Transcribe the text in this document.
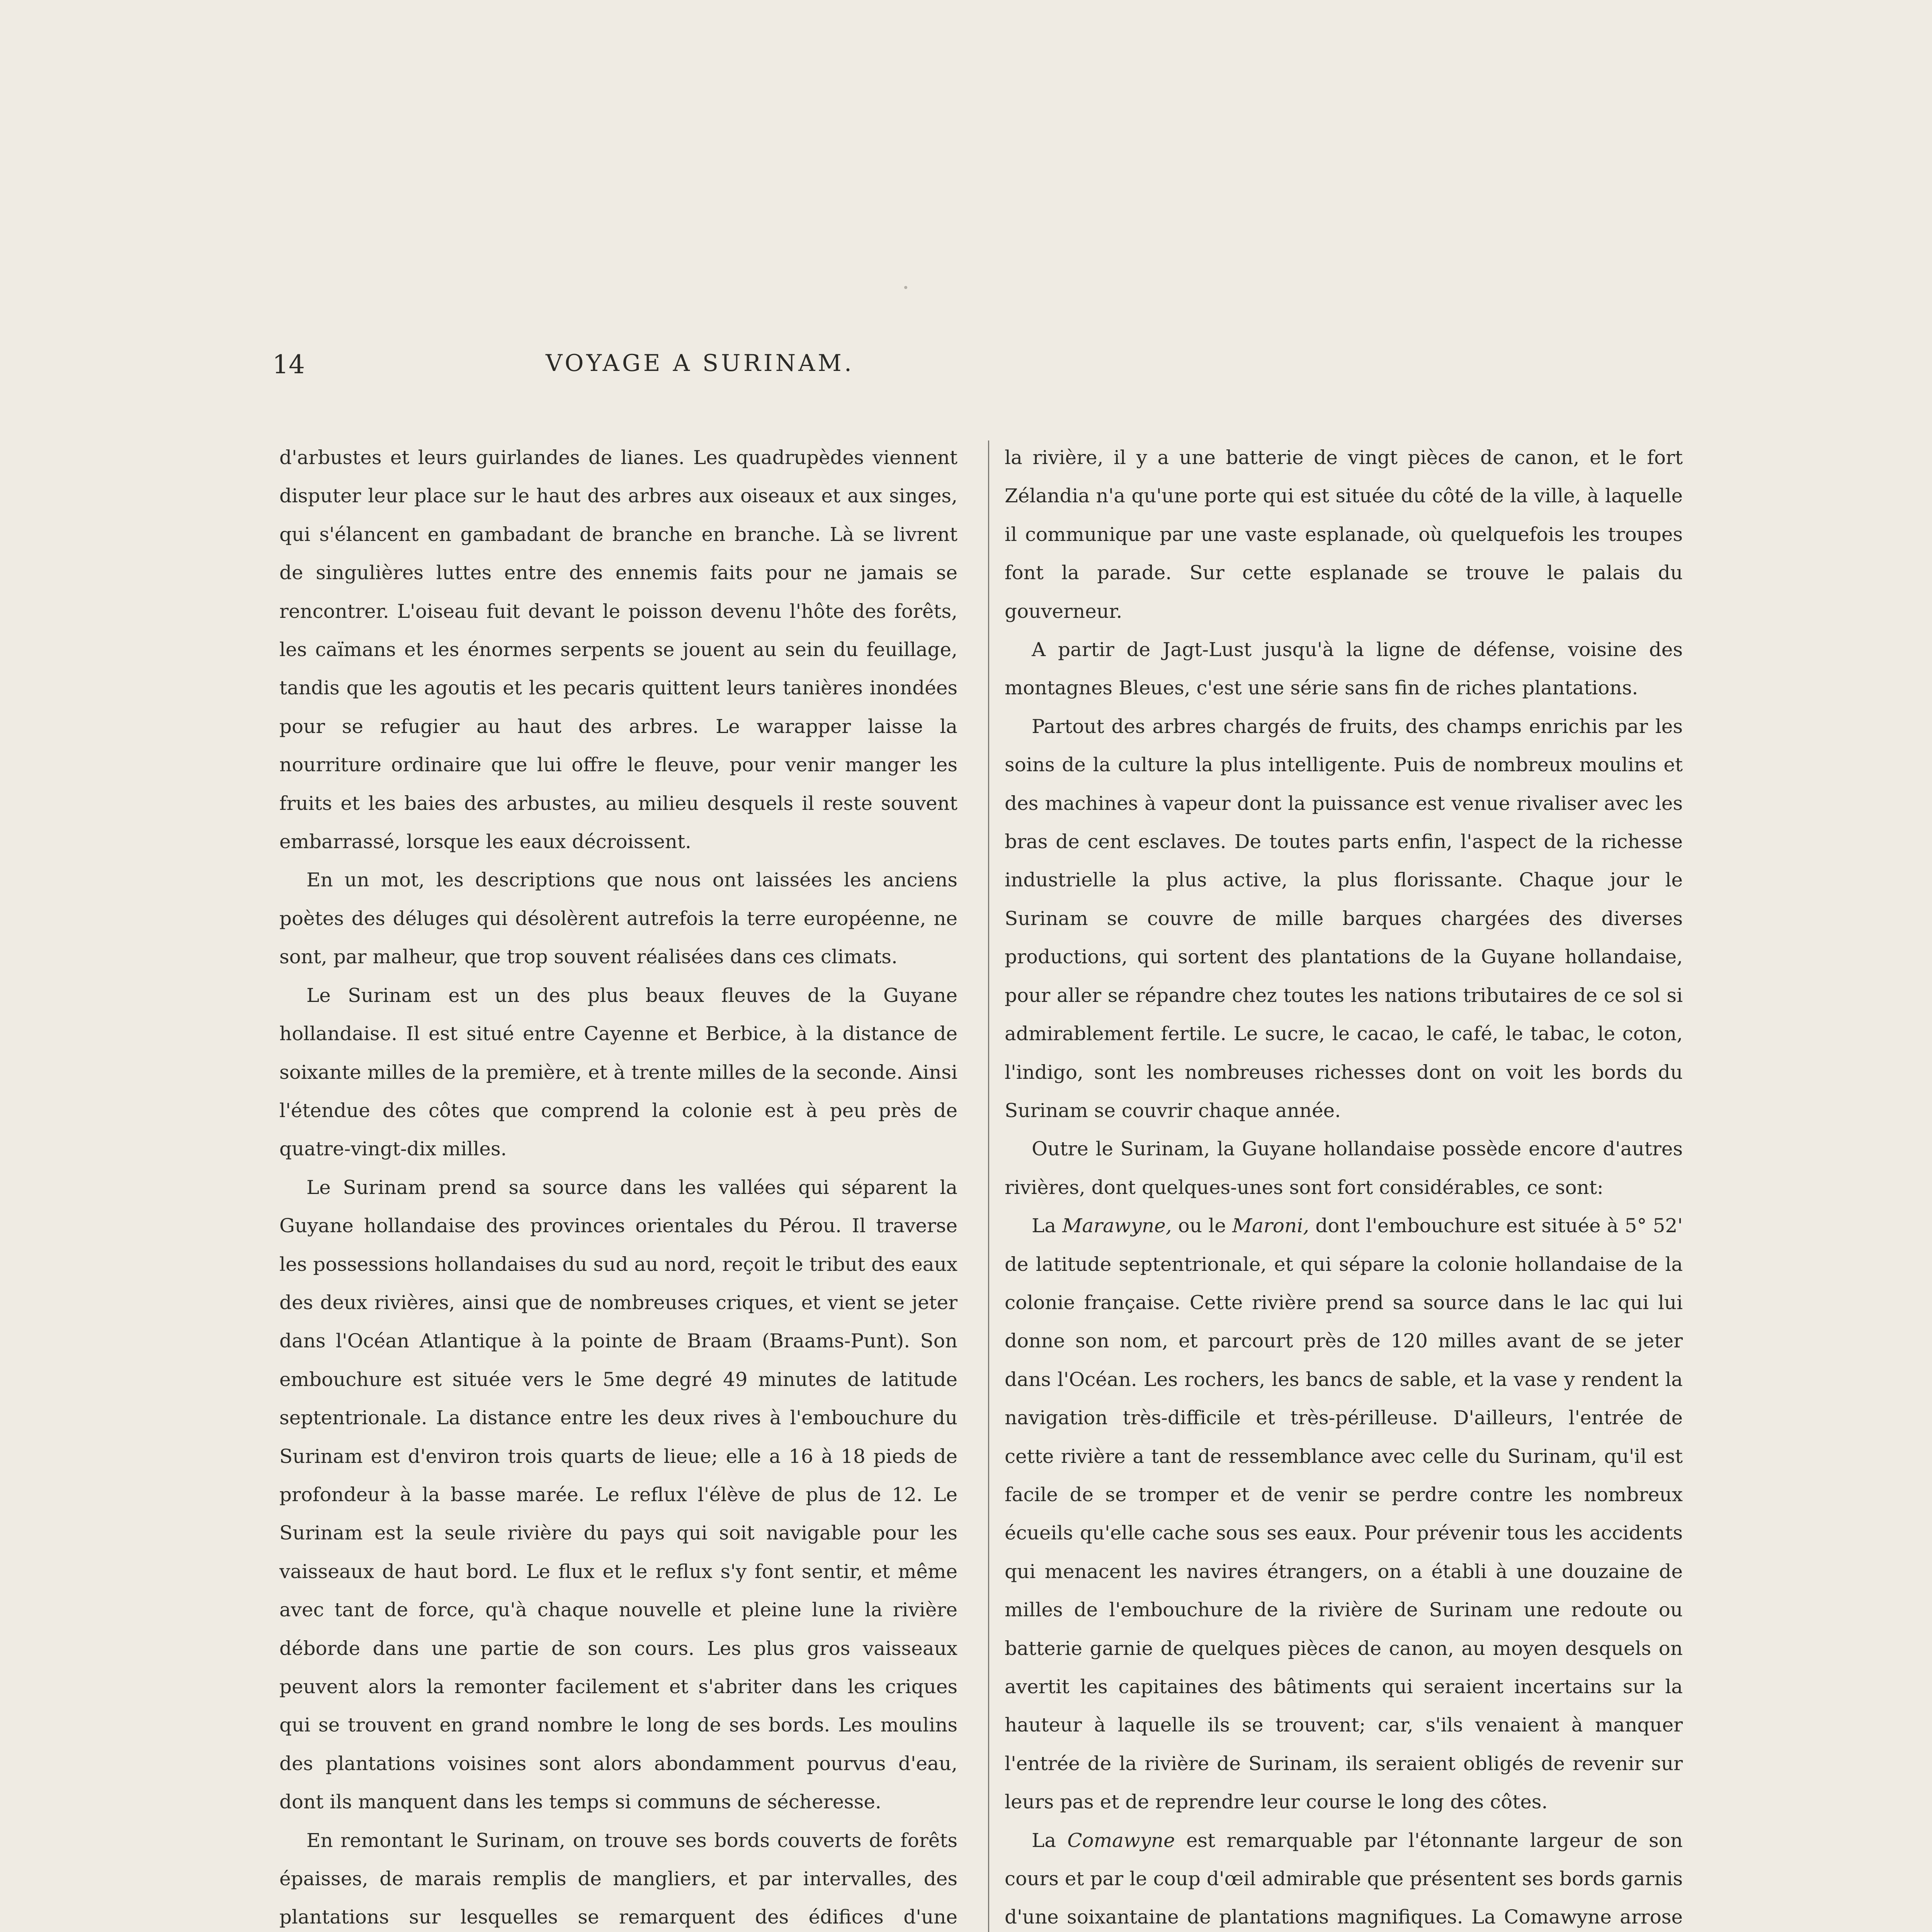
14	VOYAGE A SURINAM.

d'arbustes et leurs guirlandes de lianes. Les quadrupèdes viennent disputer leur place sur le haut des arbres aux oiseaux et aux singes, qui s'élancent en gambadant de branche en branche. Là se livrent de singulières luttes entre des ennemis faits pour ne jamais se rencontrer. L'oiseau fuit devant le poisson devenu l'hôte des forêts, les caïmans et les énormes serpents se jouent au sein du feuillage, tandis que les agoutis et les pecaris quittent leurs tanières inondées pour se refugier au haut des arbres. Le warapper laisse la nourriture ordinaire que lui offre le fleuve, pour venir manger les fruits et les baies des arbustes, au milieu desquels il reste souvent embarrassé, lorsque les eaux décroissent.

En un mot, les descriptions que nous ont laissées les anciens poètes des déluges qui désolèrent autrefois la terre européenne, ne sont, par malheur, que trop souvent réalisées dans ces climats.

Le Surinam est un des plus beaux fleuves de la Guyane hollandaise. Il est situé entre Cayenne et Berbice, à la distance de soixante milles de la première, et à trente milles de la seconde. Ainsi l'étendue des côtes que comprend la colonie est à peu près de quatre-vingt-dix milles.

Le Surinam prend sa source dans les vallées qui séparent la Guyane hollandaise des provinces orientales du Pérou. Il traverse les possessions hollandaises du sud au nord, reçoit le tribut des eaux des deux rivières, ainsi que de nombreuses criques, et vient se jeter dans l'Océan Atlantique à la pointe de Braam (Braams-Punt). Son embouchure est située vers le 5me degré 49 minutes de latitude septentrionale. La distance entre les deux rives à l'embouchure du Surinam est d'environ trois quarts de lieue; elle a 16 à 18 pieds de profondeur à la basse marée. Le reflux l'élève de plus de 12. Le Surinam est la seule rivière du pays qui soit navigable pour les vaisseaux de haut bord. Le flux et le reflux s'y font sentir, et même avec tant de force, qu'à chaque nouvelle et pleine lune la rivière déborde dans une partie de son cours. Les plus gros vaisseaux peuvent alors la remonter facilement et s'abriter dans les criques qui se trouvent en grand nombre le long de ses bords. Les moulins des plantations voisines sont alors abondamment pourvus d'eau, dont ils manquent dans les temps si communs de sécheresse.

En remontant le Surinam, on trouve ses bords couverts de forêts épaisses, de marais remplis de mangliers, et par intervalles, des plantations sur lesquelles se remarquent des édifices d'une

la rivière, il y a une batterie de vingt pièces de canon, et le fort Zélandia n'a qu'une porte qui est située du côté de la ville, à laquelle il communique par une vaste esplanade, où quelquefois les troupes font la parade. Sur cette esplanade se trouve le palais du gouverneur.

A partir de Jagt-Lust jusqu'à la ligne de défense, voisine des montagnes Bleues, c'est une série sans fin de riches plantations.

Partout des arbres chargés de fruits, des champs enrichis par les soins de la culture la plus intelligente. Puis de nombreux moulins et des machines à vapeur dont la puissance est venue rivaliser avec les bras de cent esclaves. De toutes parts enfin, l'aspect de la richesse industrielle la plus active, la plus florissante. Chaque jour le Surinam se couvre de mille barques chargées des diverses productions, qui sortent des plantations de la Guyane hollandaise, pour aller se répandre chez toutes les nations tributaires de ce sol si admirablement fertile. Le sucre, le cacao, le café, le tabac, le coton, l'indigo, sont les nombreuses richesses dont on voit les bords du Surinam se couvrir chaque année.

Outre le Surinam, la Guyane hollandaise possède encore d'autres rivières, dont quelques-unes sont fort considérables, ce sont:

La Marawyne, ou le Maroni, dont l'embouchure est située à 5° 52' de latitude septentrionale, et qui sépare la colonie hollandaise de la colonie française. Cette rivière prend sa source dans le lac qui lui donne son nom, et parcourt près de 120 milles avant de se jeter dans l'Océan. Les rochers, les bancs de sable, et la vase y rendent la navigation très-difficile et très-périlleuse. D'ailleurs, l'entrée de cette rivière a tant de ressemblance avec celle du Surinam, qu'il est facile de se tromper et de venir se perdre contre les nombreux écueils qu'elle cache sous ses eaux. Pour prévenir tous les accidents qui menacent les navires étrangers, on a établi à une douzaine de milles de l'embouchure de la rivière de Surinam une redoute ou batterie garnie de quelques pièces de canon, au moyen desquels on avertit les capitaines des bâtiments qui seraient incertains sur la hauteur à laquelle ils se trouvent; car, s'ils venaient à manquer l'entrée de la rivière de Surinam, ils seraient obligés de revenir sur leurs pas et de reprendre leur course le long des côtes.

La Comawyne est remarquable par l'étonnante largeur de son cours et par le coup d'œil admirable que présentent ses bords garnis d'une soixantaine de plantations magnifiques. La Comawyne arrose
